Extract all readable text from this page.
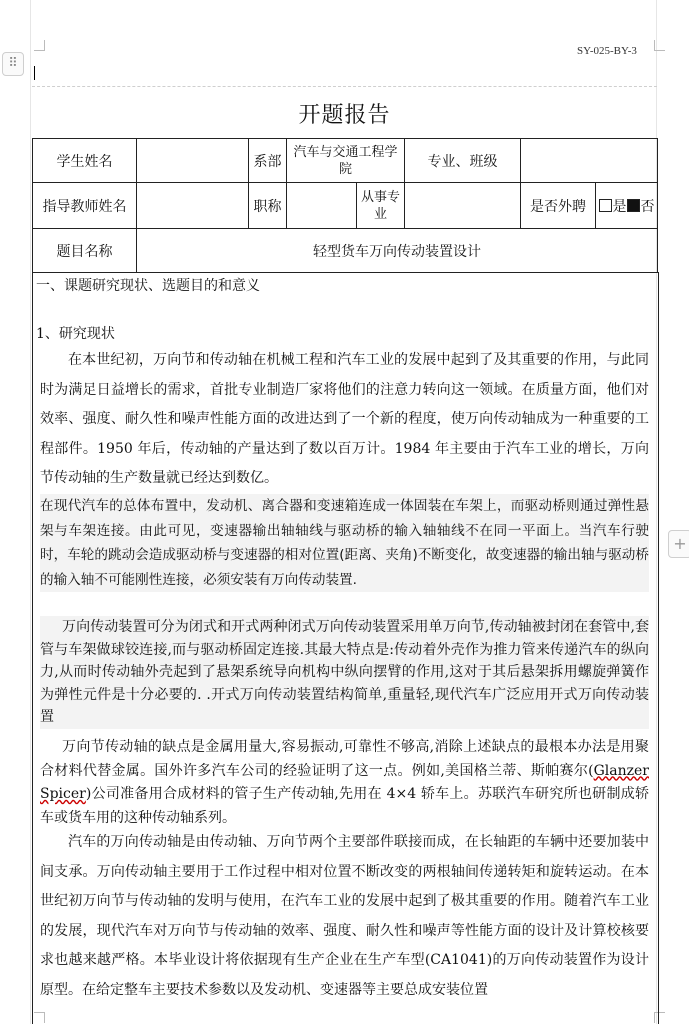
⠿
SY-025-BY-3
开题报告
+
学生姓名		系部	汽车与交通工程学院		专业、班级		
指导教师姓名		职称		从事专业		是否外聘	是 否
题目名称	轻型货车万向传动装置设计						
一、课题研究现状、选题目的和意义
1、研究现状

在本世纪初，万向节和传动轴在机械工程和汽车工业的发展中起到了及其重要的作用，与此同时为满足日益增长的需求，首批专业制造厂家将他们的注意力转向这一领域。在质量方面，他们对效率、强度、耐久性和噪声性能方面的改进达到了一个新的程度，使万向传动轴成为一种重要的工程部件。1950 年后，传动轴的产量达到了数以百万计。1984 年主要由于汽车工业的增长，万向节传动轴的生产数量就已经达到数亿。

在现代汽车的总体布置中，发动机、离合器和变速箱连成一体固装在车架上，而驱动桥则通过弹性悬架与车架连接。由此可见，变速器输出轴轴线与驱动桥的输入轴轴线不在同一平面上。当汽车行驶时，车轮的跳动会造成驱动桥与变速器的相对位置(距离、夹角)不断变化，故变速器的输出轴与驱动桥的输入轴不可能刚性连接，必须安装有万向传动装置.

万向传动装置可分为闭式和开式两种闭式万向传动装置采用单万向节,传动轴被封闭在套管中,套管与车架做球铰连接,而与驱动桥固定连接.其最大特点是:传动着外壳作为推力管来传递汽车的纵向力,从而时传动轴外壳起到了悬架系统导向机构中纵向摆臂的作用,这对于其后悬架拆用螺旋弹簧作为弹性元件是十分必要的. .开式万向传动装置结构简单,重量轻,现代汽车广泛应用开式万向传动装置

万向节传动轴的缺点是金属用量大,容易振动,可靠性不够高,消除上述缺点的最根本办法是用聚合材料代替金属。国外许多汽车公司的经验证明了这一点。例如,美国格兰蒂、斯帕赛尔(Glanzer Spicer)公司准备用合成材料的管子生产传动轴,先用在 4×4 轿车上。苏联汽车研究所也研制成轿车或货车用的这种传动轴系列。

汽车的万向传动轴是由传动轴、万向节两个主要部件联接而成，在长轴距的车辆中还要加装中间支承。万向传动轴主要用于工作过程中相对位置不断改变的两根轴间传递转矩和旋转运动。在本世纪初万向节与传动轴的发明与使用，在汽车工业的发展中起到了极其重要的作用。随着汽车工业的发展，现代汽车对万向节与传动轴的效率、强度、耐久性和噪声等性能方面的设计及计算校核要求也越来越严格。本毕业设计将依据现有生产企业在生产车型(CA1041)的万向传动装置作为设计原型。在给定整车主要技术参数以及发动机、变速器等主要总成安装位置
